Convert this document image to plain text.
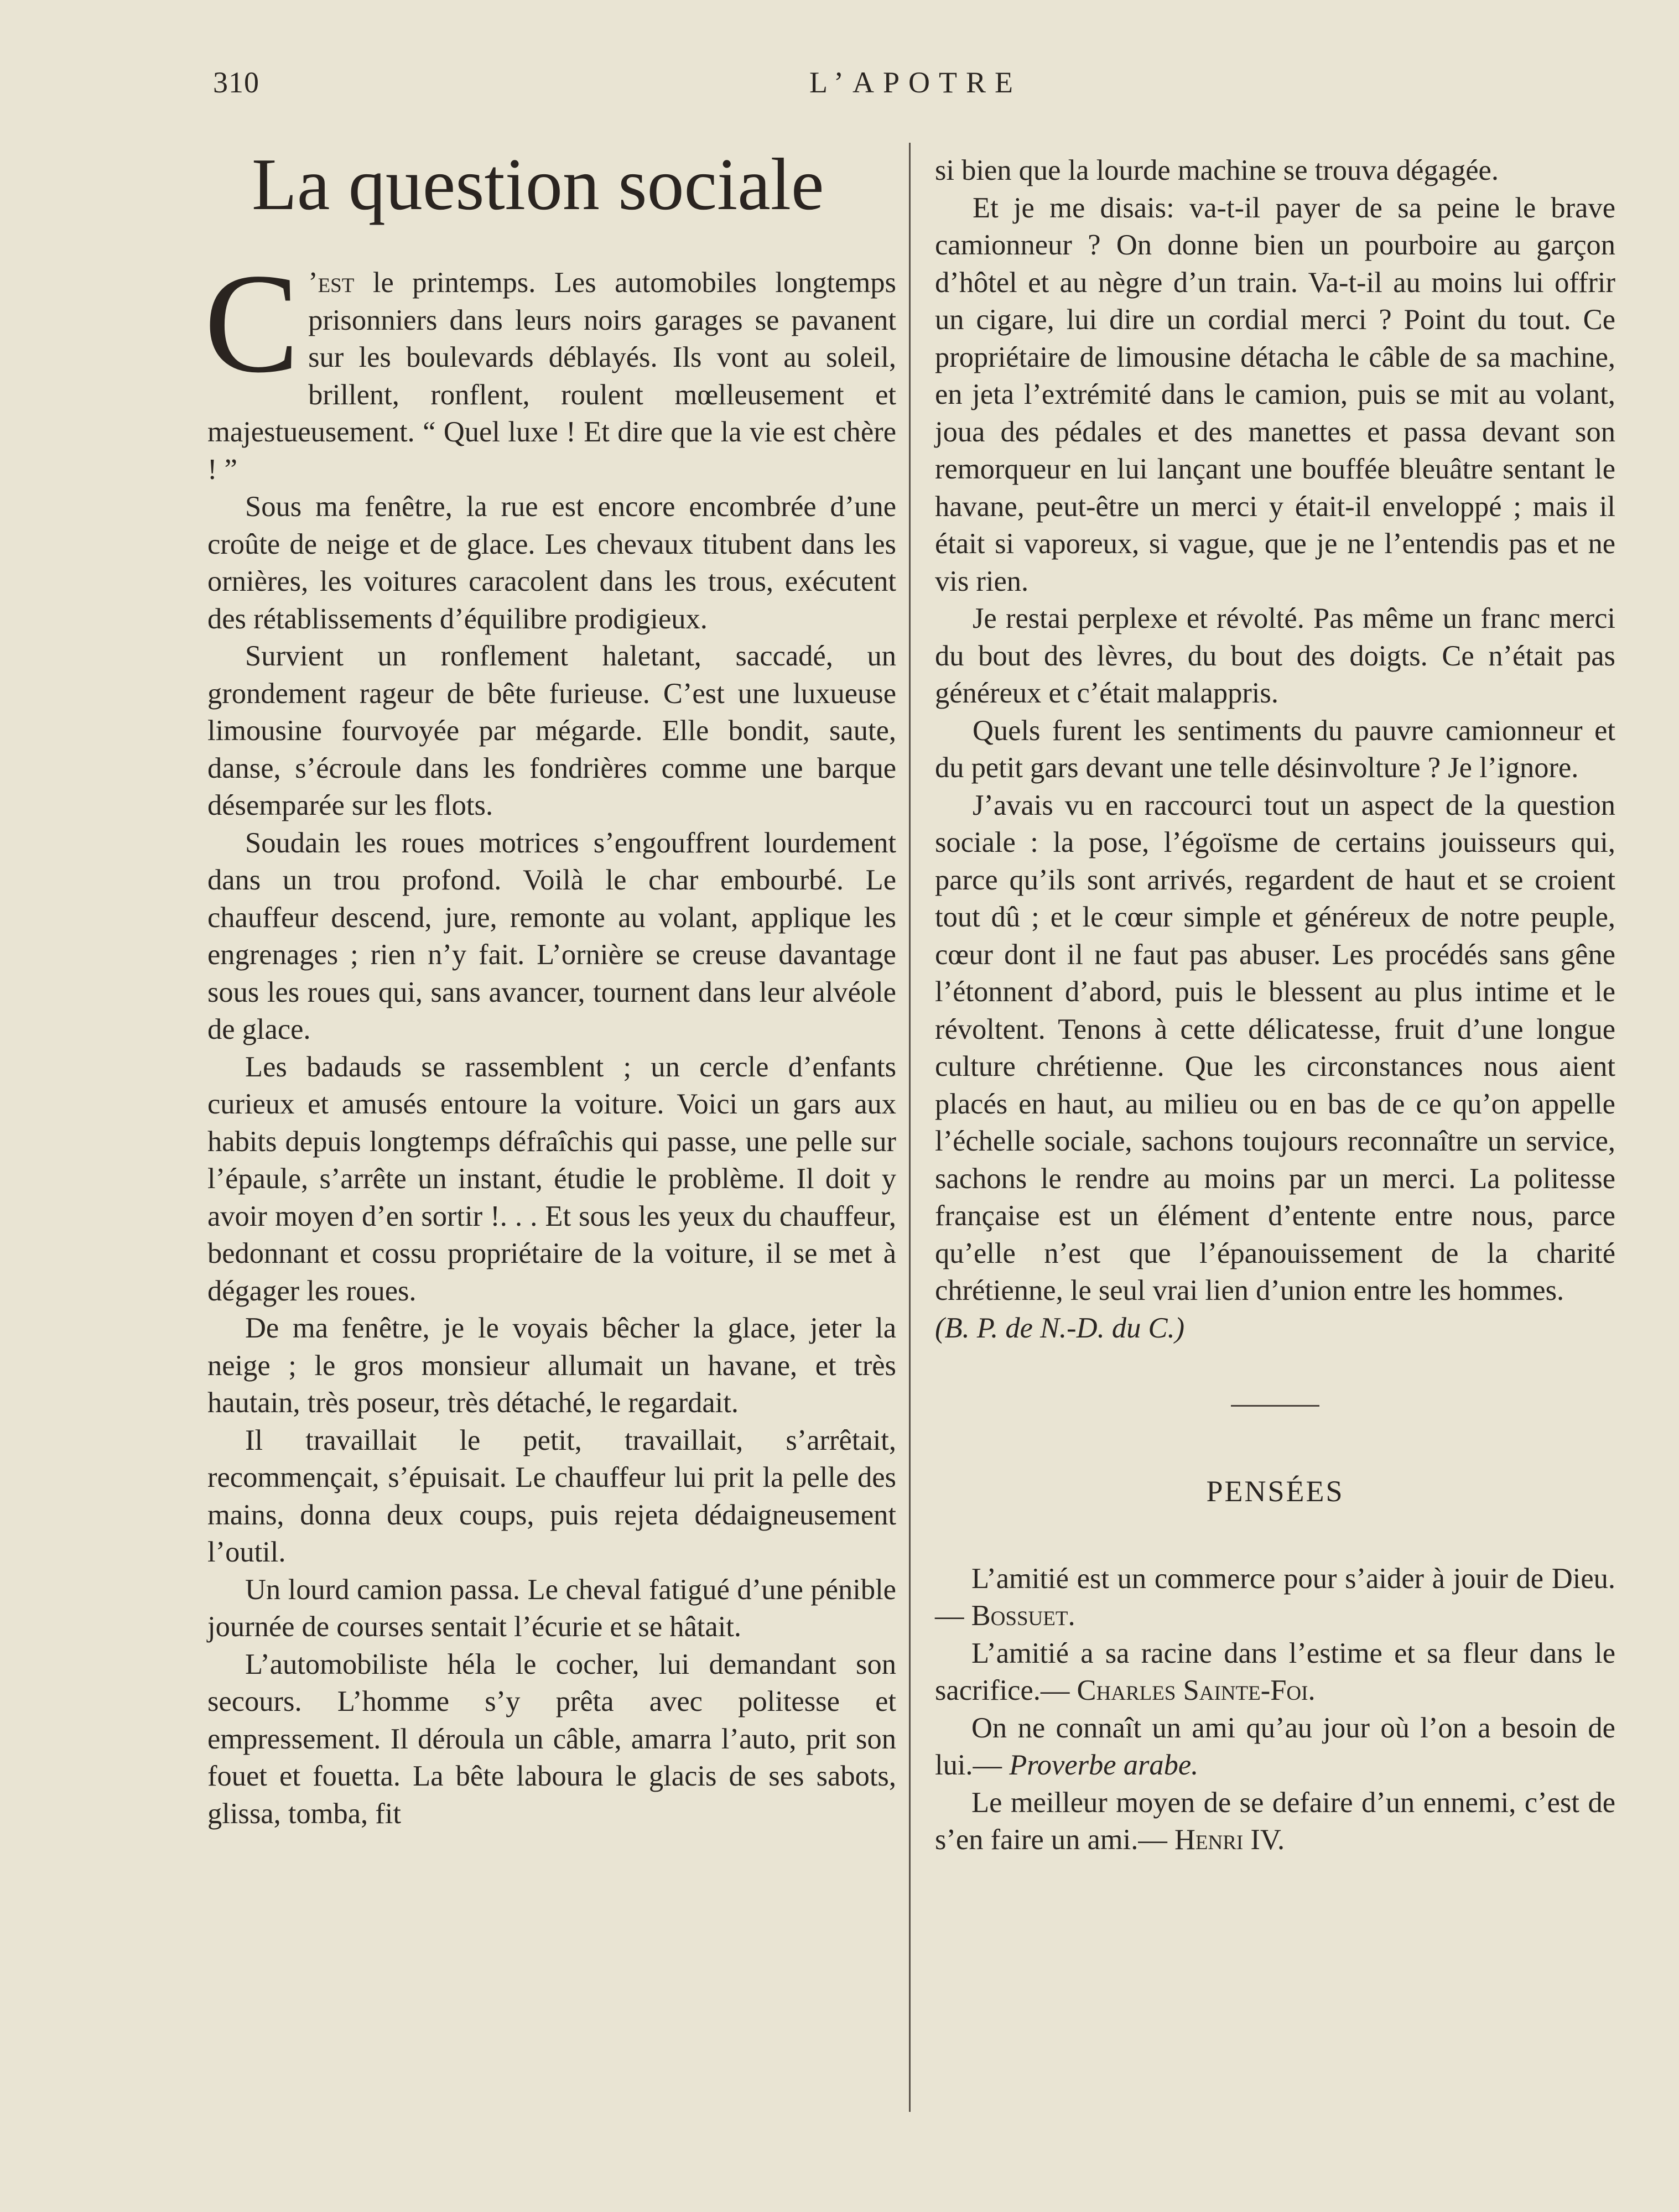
310	L’APOTRE
La question sociale

C ’est le printemps. Les automobiles longtemps prisonniers dans leurs noirs garages se pavanent sur les boulevards déblayés. Ils vont au soleil, brillent, ronflent, roulent mœlleusement et majestueusement. “ Quel luxe ! Et dire que la vie est chère ! ”

Sous ma fenêtre, la rue est encore encombrée d’une croûte de neige et de glace. Les chevaux titubent dans les ornières, les voitures caracolent dans les trous, exécutent des rétablissements d’équilibre prodigieux.

Survient un ronflement haletant, saccadé, un grondement rageur de bête furieuse. C’est une luxueuse limousine fourvoyée par mégarde. Elle bondit, saute, danse, s’écroule dans les fondrières comme une barque désemparée sur les flots.

Soudain les roues motrices s’engouffrent lourdement dans un trou profond. Voilà le char embourbé. Le chauffeur descend, jure, remonte au volant, applique les engrenages ; rien n’y fait. L’ornière se creuse davantage sous les roues qui, sans avancer, tournent dans leur alvéole de glace.

Les badauds se rassemblent ; un cercle d’enfants curieux et amusés entoure la voiture. Voici un gars aux habits depuis longtemps défraîchis qui passe, une pelle sur l’épaule, s’arrête un instant, étudie le problème. Il doit y avoir moyen d’en sortir !. . . Et sous les yeux du chauffeur, bedonnant et cossu propriétaire de la voiture, il se met à dégager les roues.

De ma fenêtre, je le voyais bêcher la glace, jeter la neige ; le gros monsieur allumait un havane, et très hautain, très poseur, très détaché, le regardait.

Il travaillait le petit, travaillait, s’arrêtait, recommençait, s’épuisait. Le chauffeur lui prit la pelle des mains, donna deux coups, puis rejeta dédaigneusement l’outil.

Un lourd camion passa. Le cheval fatigué d’une pénible journée de courses sentait l’écurie et se hâtait.

L’automobiliste héla le cocher, lui demandant son secours. L’homme s’y prêta avec politesse et empressement. Il déroula un câble, amarra l’auto, prit son fouet et fouetta. La bête laboura le glacis de ses sabots, glissa, tomba, fit

si bien que la lourde machine se trouva dégagée.

Et je me disais: va-t-il payer de sa peine le brave camionneur ? On donne bien un pourboire au garçon d’hôtel et au nègre d’un train. Va-t-il au moins lui offrir un cigare, lui dire un cordial merci ? Point du tout. Ce propriétaire de limousine détacha le câble de sa machine, en jeta l’extrémité dans le camion, puis se mit au volant, joua des pédales et des manettes et passa devant son remorqueur en lui lançant une bouffée bleuâtre sentant le havane, peut-être un merci y était-il enveloppé ; mais il était si vaporeux, si vague, que je ne l’entendis pas et ne vis rien.

Je restai perplexe et révolté. Pas même un franc merci du bout des lèvres, du bout des doigts. Ce n’était pas généreux et c’était malappris.

Quels furent les sentiments du pauvre camionneur et du petit gars devant une telle désinvolture ? Je l’ignore.

J’avais vu en raccourci tout un aspect de la question sociale : la pose, l’égoïsme de certains jouisseurs qui, parce qu’ils sont arrivés, regardent de haut et se croient tout dû ; et le cœur simple et généreux de notre peuple, cœur dont il ne faut pas abuser. Les procédés sans gêne l’étonnent d’abord, puis le blessent au plus intime et le révoltent. Tenons à cette délicatesse, fruit d’une longue culture chrétienne. Que les circonstances nous aient placés en haut, au milieu ou en bas de ce qu’on appelle l’échelle sociale, sachons toujours reconnaître un service, sachons le rendre au moins par un merci. La politesse française est un élément d’entente entre nous, parce qu’elle n’est que l’épanouissement de la charité chrétienne, le seul vrai lien d’union entre les hommes.

(B. P. de N.-D. du C.)

PENSÉES

L’amitié est un commerce pour s’aider à jouir de Dieu.— Bossuet.

L’amitié a sa racine dans l’estime et sa fleur dans le sacrifice.— Charles Sainte-Foi.

On ne connaît un ami qu’au jour où l’on a besoin de lui.— Proverbe arabe.

Le meilleur moyen de se defaire d’un ennemi, c’est de s’en faire un ami.— Henri IV.
